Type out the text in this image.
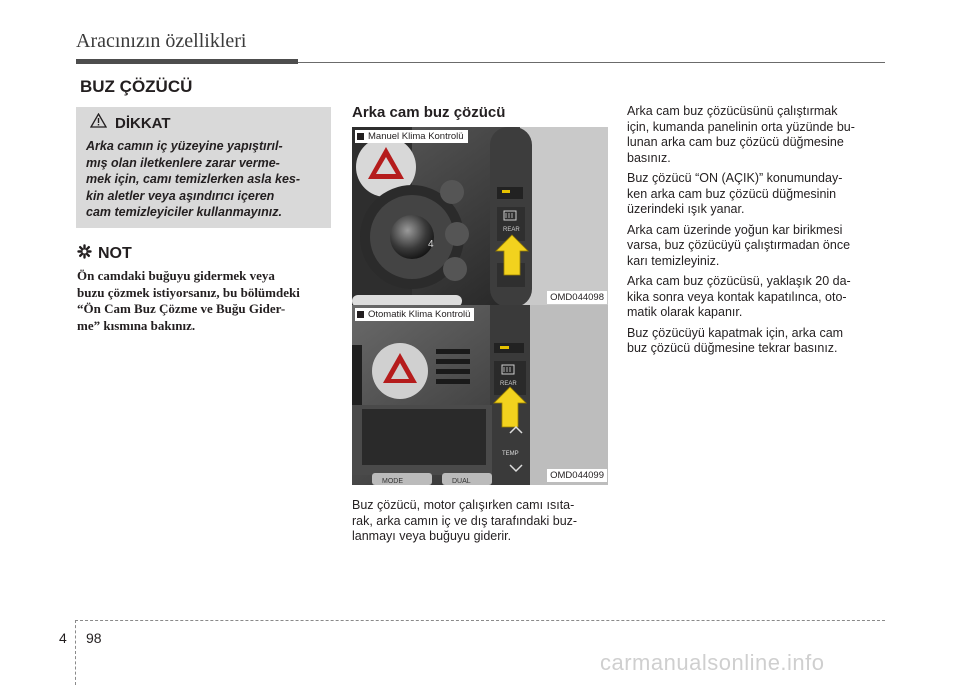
Aracınızın özellikleri
BUZ ÇÖZÜCÜ
DİKKAT
Arka camın iç yüzeyine yapıştırıl-
mış olan iletkenlere zarar verme-
mek için, camı temizlerken asla kes-
kin aletler veya aşındırıcı içeren
cam temizleyiciler kullanmayınız.
NOT
Ön camdaki buğuyu gidermek veya
buzu çözmek istiyorsanız, bu bölümdeki
“Ön Cam Buz Çözme ve Buğu Gider-
me” kısmına bakınız.
Arka cam buz çözücü
4
REAR
Manuel Klima Kontrolü
OMD044098
REAR
TEMP
MODE	DUAL
Otomatik Klima Kontrolü
OMD044099
Buz çözücü, motor çalışırken camı ısıta-
rak, arka camın iç ve dış tarafındaki buz-
lanmayı veya buğuyu giderir.

Arka cam buz çözücüsünü çalıştırmak
için, kumanda panelinin orta yüzünde bu-
lunan arka cam buz çözücü düğmesine
basınız.

Buz çözücü “ON (AÇIK)” konumunday-
ken arka cam buz çözücü düğmesinin
üzerindeki ışık yanar.

Arka cam üzerinde yoğun kar birikmesi
varsa, buz çözücüyü çalıştırmadan önce
karı temizleyiniz.

Arka cam buz çözücüsü, yaklaşık 20 da-
kika sonra veya kontak kapatılınca, oto-
matik olarak kapanır.

Buz çözücüyü kapatmak için, arka cam
buz çözücü düğmesine tekrar basınız.

4 98
carmanualsonline.info
